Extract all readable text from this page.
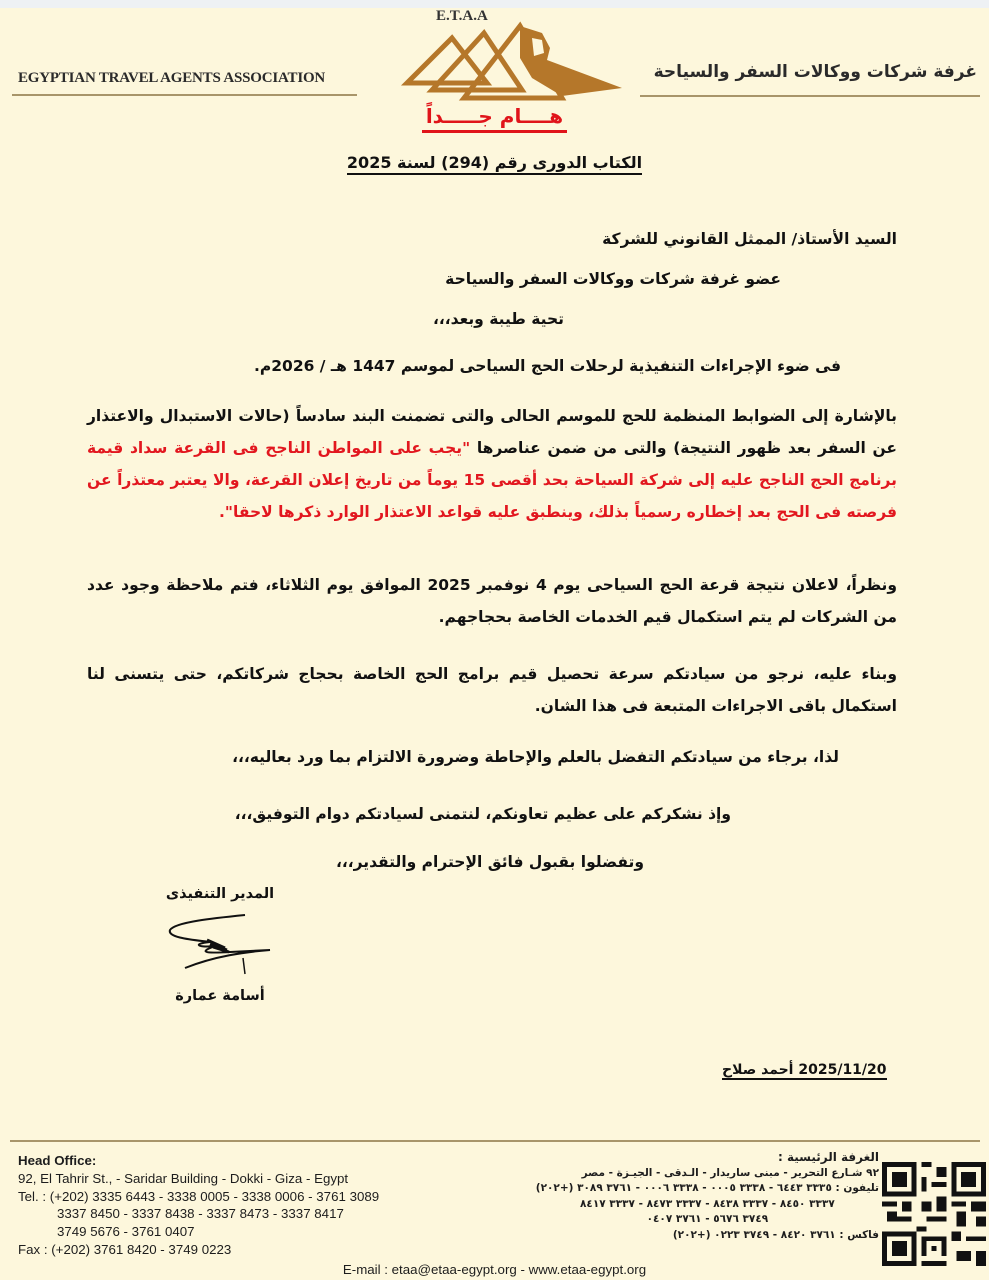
EGYPTIAN TRAVEL AGENTS ASSOCIATION
E.T.A.A
غرفة شركات ووكالات السفر والسياحة
هــــام جـــــداً
الكتاب الدورى رقم (294) لسنة 2025
السيد الأستاذ/ الممثل القانوني للشركة
عضو غرفة شركات ووكالات السفر والسياحة
تحية طيبة وبعد،،،
فى ضوء الإجراءات التنفيذية لرحلات الحج السياحى لموسم 1447 هـ / 2026م.
بالإشارة إلى الضوابط المنظمة للحج للموسم الحالى والتى تضمنت البند سادساً (حالات الاستبدال والاعتذار عن السفر بعد ظهور النتيجة) والتى من ضمن عناصرها "يجب على المواطن الناجح فى القرعة سداد قيمة برنامج الحج الناجح عليه إلى شركة السياحة بحد أقصى 15 يوماً من تاريخ إعلان القرعة، والا يعتبر معتذراً عن فرصته فى الحج بعد إخطاره رسمياً بذلك، وينطبق عليه قواعد الاعتذار الوارد ذكرها لاحقا".
ونظراً، لاعلان نتيجة قرعة الحج السياحى يوم 4 نوفمبر 2025 الموافق يوم الثلاثاء، فتم ملاحظة وجود عدد من الشركات لم يتم استكمال قيم الخدمات الخاصة بحجاجهم.
وبناء عليه، نرجو من سيادتكم سرعة تحصيل قيم برامج الحج الخاصة بحجاج شركاتكم، حتى يتسنى لنا استكمال باقى الاجراءات المتبعة فى هذا الشان.
لذا، برجاء من سيادتكم التفضل بالعلم والإحاطة وضرورة الالتزام بما ورد بعاليه،،،
وإذ نشكركم على عظيم تعاونكم، لنتمنى لسيادتكم دوام التوفيق،،،
وتفضلوا بقبول فائق الإحترام والتقدير،،،
المدير التنفيذى
أسامة عمارة
2025/11/20 أحمد صلاح
Head Office:
92, El Tahrir St., - Saridar Building - Dokki - Giza - Egypt
Tel. : (+202) 3335 6443 - 3338 0005 - 3338 0006 - 3761 3089
3337 8450 - 3337 8438 - 3337 8473 - 3337 8417
3749 5676 - 3761 0407
Fax : (+202) 3761 8420 - 3749 0223
الغرفة الرئيسية :
٩٢ شـارع التحرير - مبنى ساريدار - الـدقى - الجيـزة - مصر
تليفون : ٣٣٣٥ ٦٤٤٣ - ٣٣٣٨ ٠٠٠٥ - ٣٣٣٨ ٠٠٠٦ - ٣٧٦١ ٣٠٨٩ (+٢٠٢)
٣٣٣٧ ٨٤٥٠ - ٣٣٣٧ ٨٤٣٨ - ٣٣٣٧ ٨٤٧٣ - ٣٣٣٧ ٨٤١٧
٣٧٤٩ ٥٦٧٦ - ٣٧٦١ ٠٤٠٧
فاكس : ٣٧٦١ ٨٤٢٠ - ٣٧٤٩ ٠٢٢٣ (+٢٠٢)
E-mail : etaa@etaa-egypt.org - www.etaa-egypt.org
